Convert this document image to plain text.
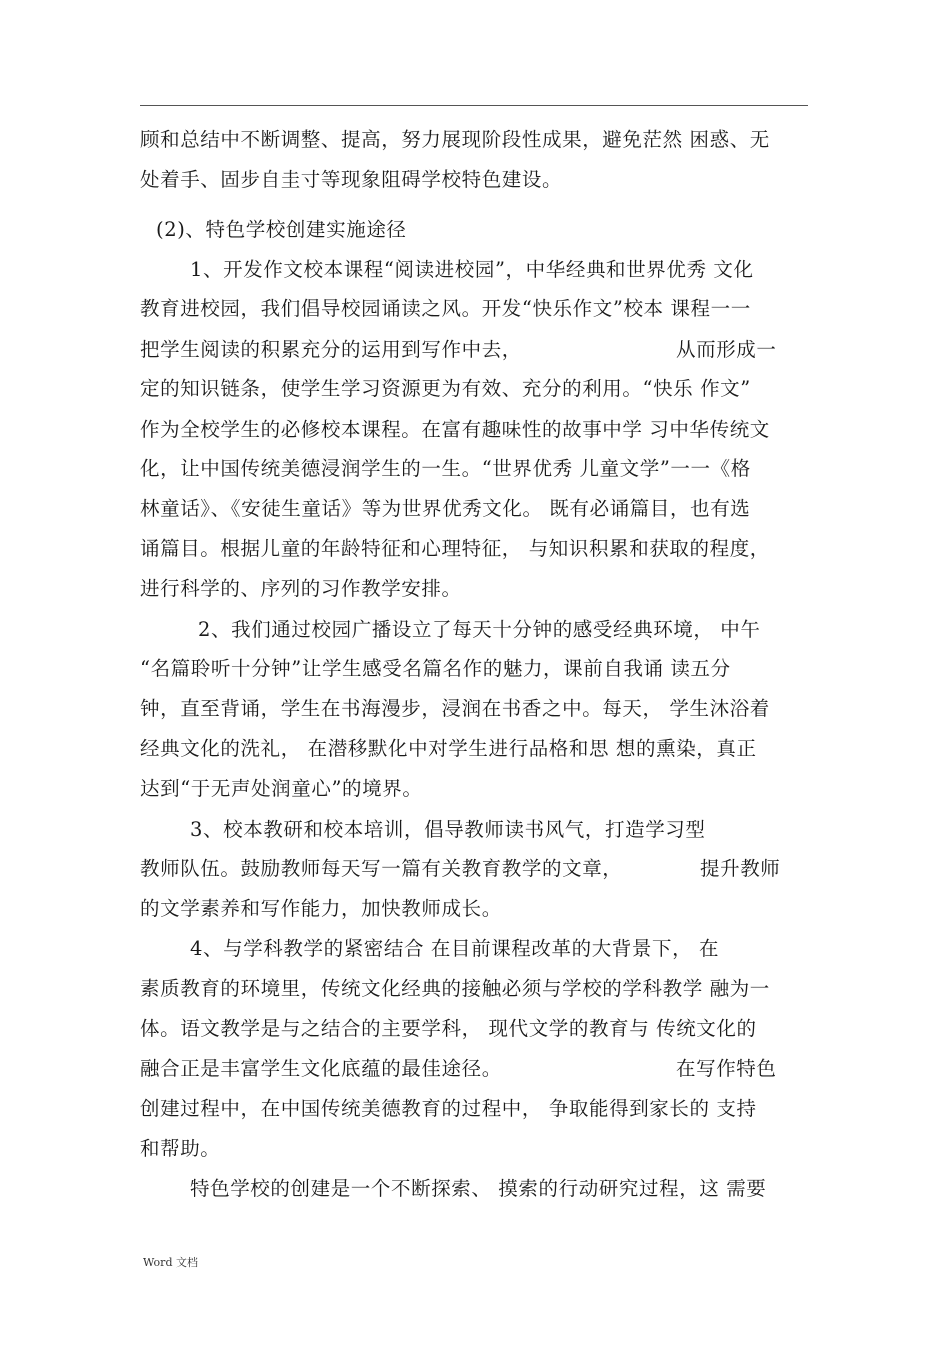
顾和总结中不断调整、提高，努力展现阶段性成果，避免茫然 困惑、无
处着手、固步自圭寸等现象阻碍学校特色建设。
(2)、特色学校创建实施途径
1、开发作文校本课程“阅读进校园”，中华经典和世界优秀 文化
教育进校园，我们倡导校园诵读之风。开发“快乐作文”校本 课程一一
把学生阅读的积累充分的运用到写作中去，	从而形成一
定的知识链条，使学生学习资源更为有效、充分的利用。“快乐 作文”
作为全校学生的必修校本课程。在富有趣味性的故事中学 习中华传统文
化，让中国传统美德浸润学生的一生。“世界优秀 儿童文学”一一《格
林童话》、《安徒生童话》等为世界优秀文化。 既有必诵篇目，也有选
诵篇目。根据儿童的年龄特征和心理特征， 与知识积累和获取的程度，
进行科学的、序列的习作教学安排。
2、我们通过校园广播设立了每天十分钟的感受经典环境， 中午
“名篇聆听十分钟”让学生感受名篇名作的魅力，课前自我诵 读五分
钟，直至背诵，学生在书海漫步，浸润在书香之中。每天， 学生沐浴着
经典文化的洗礼， 在潜移默化中对学生进行品格和思 想的熏染，真正
达到“于无声处润童心”的境界。
3、校本教研和校本培训，倡导教师读书风气，打造学习型
教师队伍。鼓励教师每天写一篇有关教育教学的文章，	提升教师
的文学素养和写作能力，加快教师成长。
4、与学科教学的紧密结合 在目前课程改革的大背景下， 在
素质教育的环境里，传统文化经典的接触必须与学校的学科教学 融为一
体。语文教学是与之结合的主要学科， 现代文学的教育与 传统文化的
融合正是丰富学生文化底蕴的最佳途径。	在写作特色
创建过程中，在中国传统美德教育的过程中， 争取能得到家长的 支持
和帮助。
特色学校的创建是一个不断探索、 摸索的行动研究过程，这 需要
Word 文档
